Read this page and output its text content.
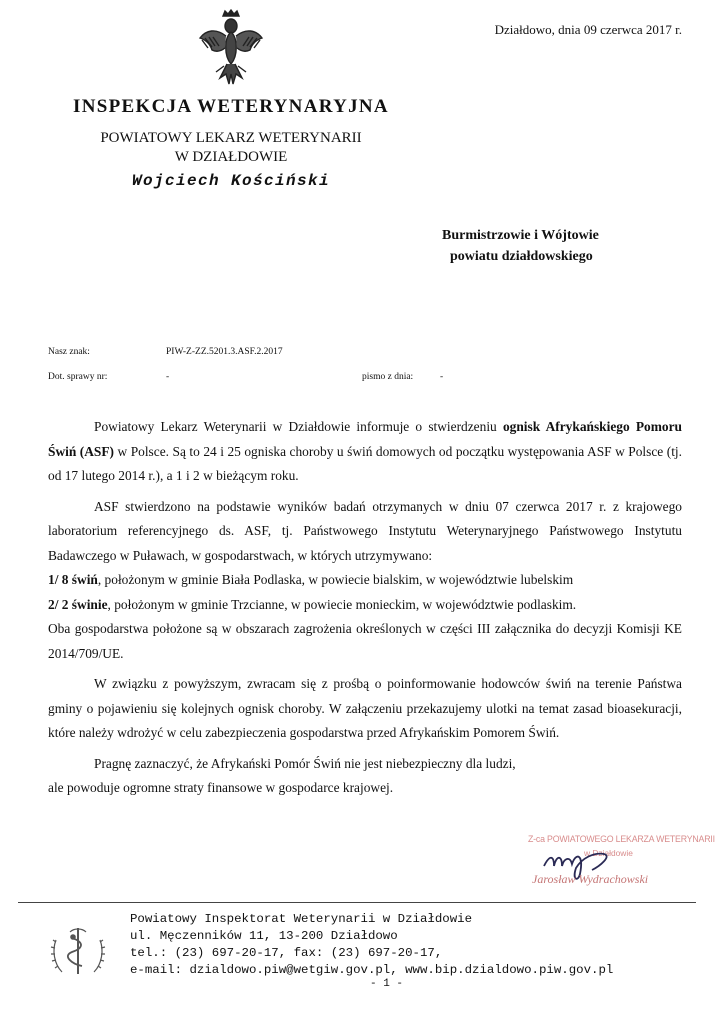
Działdowo, dnia 09 czerwca 2017 r.
INSPEKCJA WETERYNARYJNA
POWIATOWY LEKARZ WETERYNARII
W DZIAŁDOWIE
Wojciech Kościński
Burmistrzowie i Wójtowie
powiatu działdowskiego
Nasz znak:	PIW-Z-ZZ.5201.3.ASF.2.2017
Dot. sprawy nr:	-	pismo z dnia:	-

Powiatowy Lekarz Weterynarii w Działdowie informuje o stwierdzeniu ognisk Afrykańskiego Pomoru Świń (ASF) w Polsce. Są to 24 i 25 ogniska choroby u świń domowych od początku występowania ASF w Polsce (tj. od 17 lutego 2014 r.), a 1 i 2 w bieżącym roku.

ASF stwierdzono na podstawie wyników badań otrzymanych w dniu 07 czerwca 2017 r. z krajowego laboratorium referencyjnego ds. ASF, tj. Państwowego Instytutu Weterynaryjnego Państwowego Instytutu Badawczego w Puławach, w gospodarstwach, w których utrzymywano:

1/ 8 świń, położonym w gminie Biała Podlaska, w powiecie bialskim, w województwie lubelskim

2/ 2 świnie, położonym w gminie Trzcianne, w powiecie monieckim, w województwie podlaskim.

Oba gospodarstwa położone są w obszarach zagrożenia określonych w części III załącznika do decyzji Komisji KE 2014/709/UE.

W związku z powyższym, zwracam się z prośbą o poinformowanie hodowców świń na terenie Państwa gminy o pojawieniu się kolejnych ognisk choroby. W załączeniu przekazujemy ulotki na temat zasad bioasekuracji, które należy wdrożyć w celu zabezpieczenia gospodarstwa przed Afrykańskim Pomorem Świń.

Pragnę zaznaczyć, że Afrykański Pomór Świń nie jest niebezpieczny dla ludzi, ale powoduje ogromne straty finansowe w gospodarce krajowej.

Z-ca POWIATOWEGO LEKARZA WETERYNARII
w Działdowie
Jarosław Wydrachowski
Powiatowy Inspektorat Weterynarii w Działdowie
ul. Męczenników 11, 13-200 Działdowo
tel.: (23) 697-20-17, fax: (23) 697-20-17,
e-mail: dzialdowo.piw@wetgiw.gov.pl, www.bip.dzialdowo.piw.gov.pl
- 1 -
